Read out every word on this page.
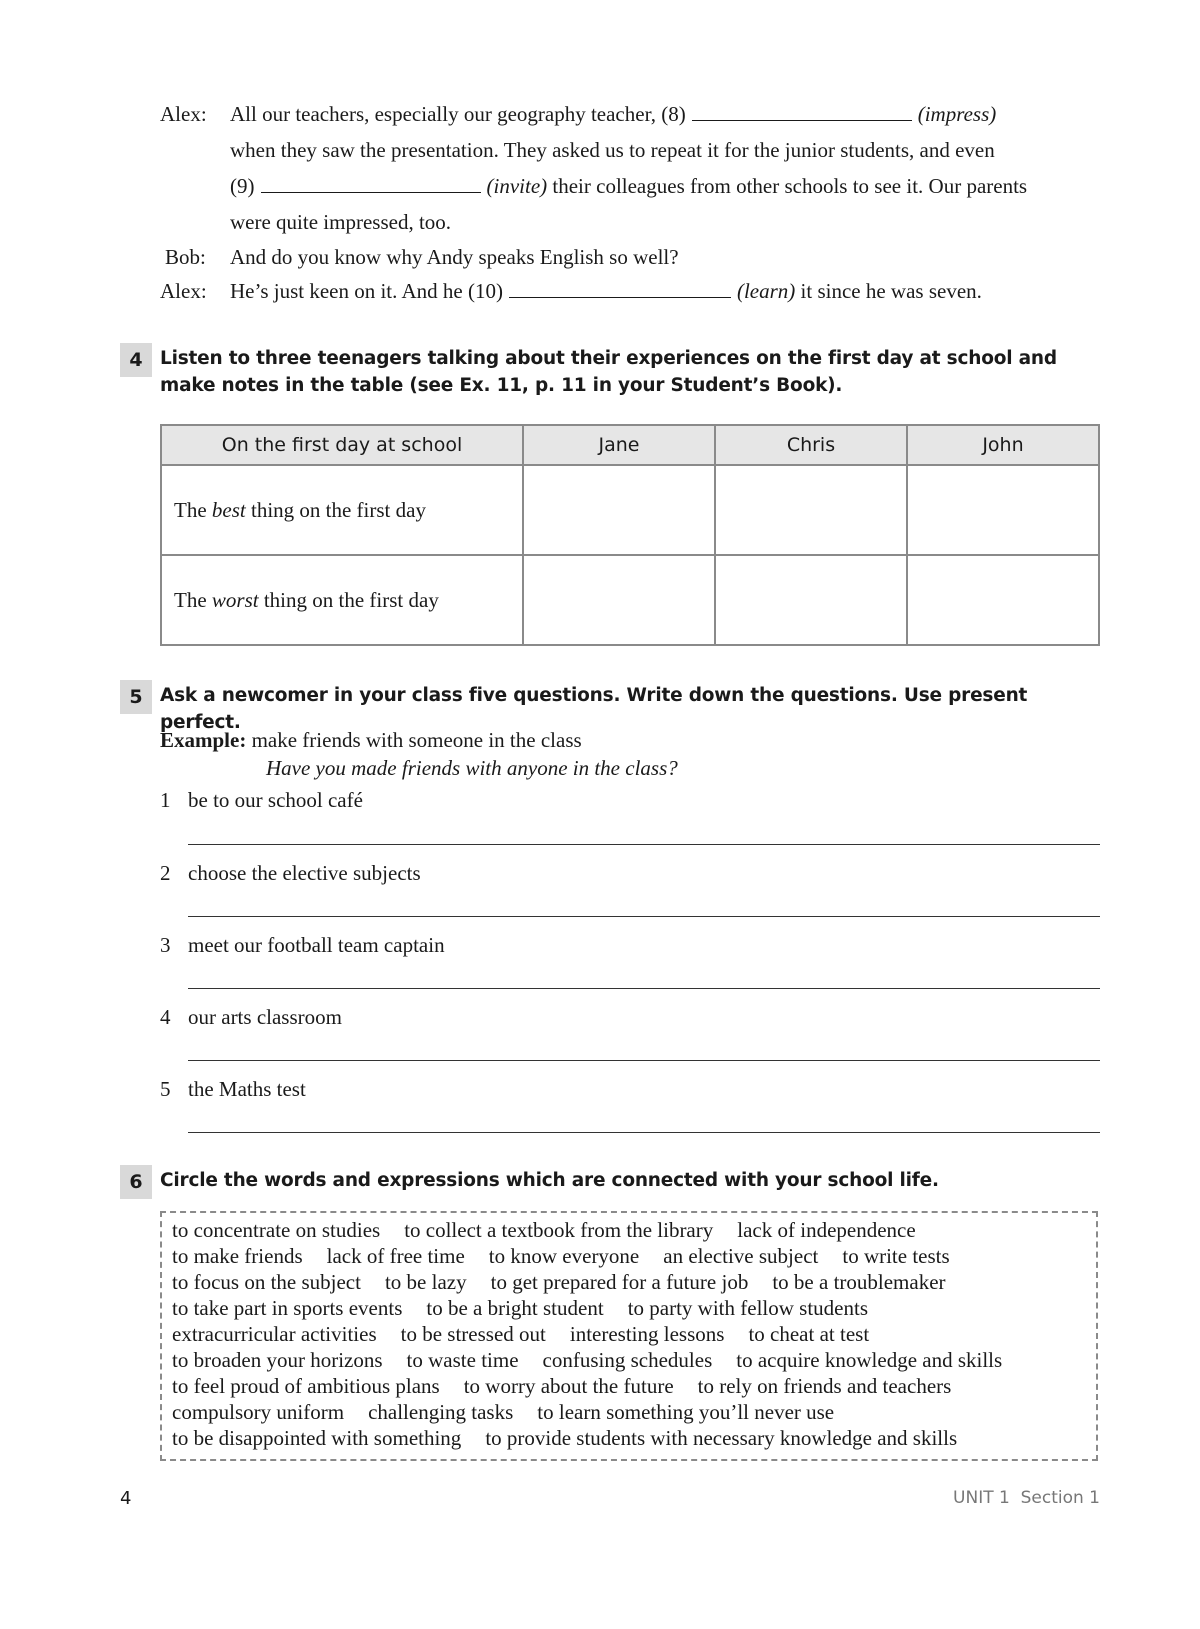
Alex:	All our teachers, especially our geography teacher, (8)	(impress)
when they saw the presentation. They asked us to repeat it for the junior students, and even
(9)	(invite) their colleagues from other schools to see it. Our parents
were quite impressed, too.
Bob:	And do you know why Andy speaks English so well?
Alex:	He’s just keen on it. And he (10)	(learn) it since he was seven.
4 Listen to three teenagers talking about their experiences on the first day at school and make notes in the table (see Ex. 11, p. 11 in your Student’s Book).
On the first day at school	Jane	Chris	John
The best thing on the first day			
The worst thing on the first day			
5 Ask a newcomer in your class five questions. Write down the questions. Use present perfect.
Example: make friends with someone in the class
Have you made friends with anyone in the class?
1 be to our school café
2 choose the elective subjects
3 meet our football team captain
4 our arts classroom
5 the Maths test
6 Circle the words and expressions which are connected with your school life.
to concentrate on studies to collect a textbook from the library lack of independence
to make friends lack of free time to know everyone an elective subject to write tests
to focus on the subject to be lazy to get prepared for a future job to be a troublemaker
to take part in sports events to be a bright student to party with fellow students
extracurricular activities to be stressed out interesting lessons to cheat at test
to broaden your horizons to waste time confusing schedules to acquire knowledge and skills
to feel proud of ambitious plans to worry about the future to rely on friends and teachers
compulsory uniform challenging tasks to learn something you’ll never use
to be disappointed with something to provide students with necessary knowledge and skills
4	UNIT 1  Section 1
